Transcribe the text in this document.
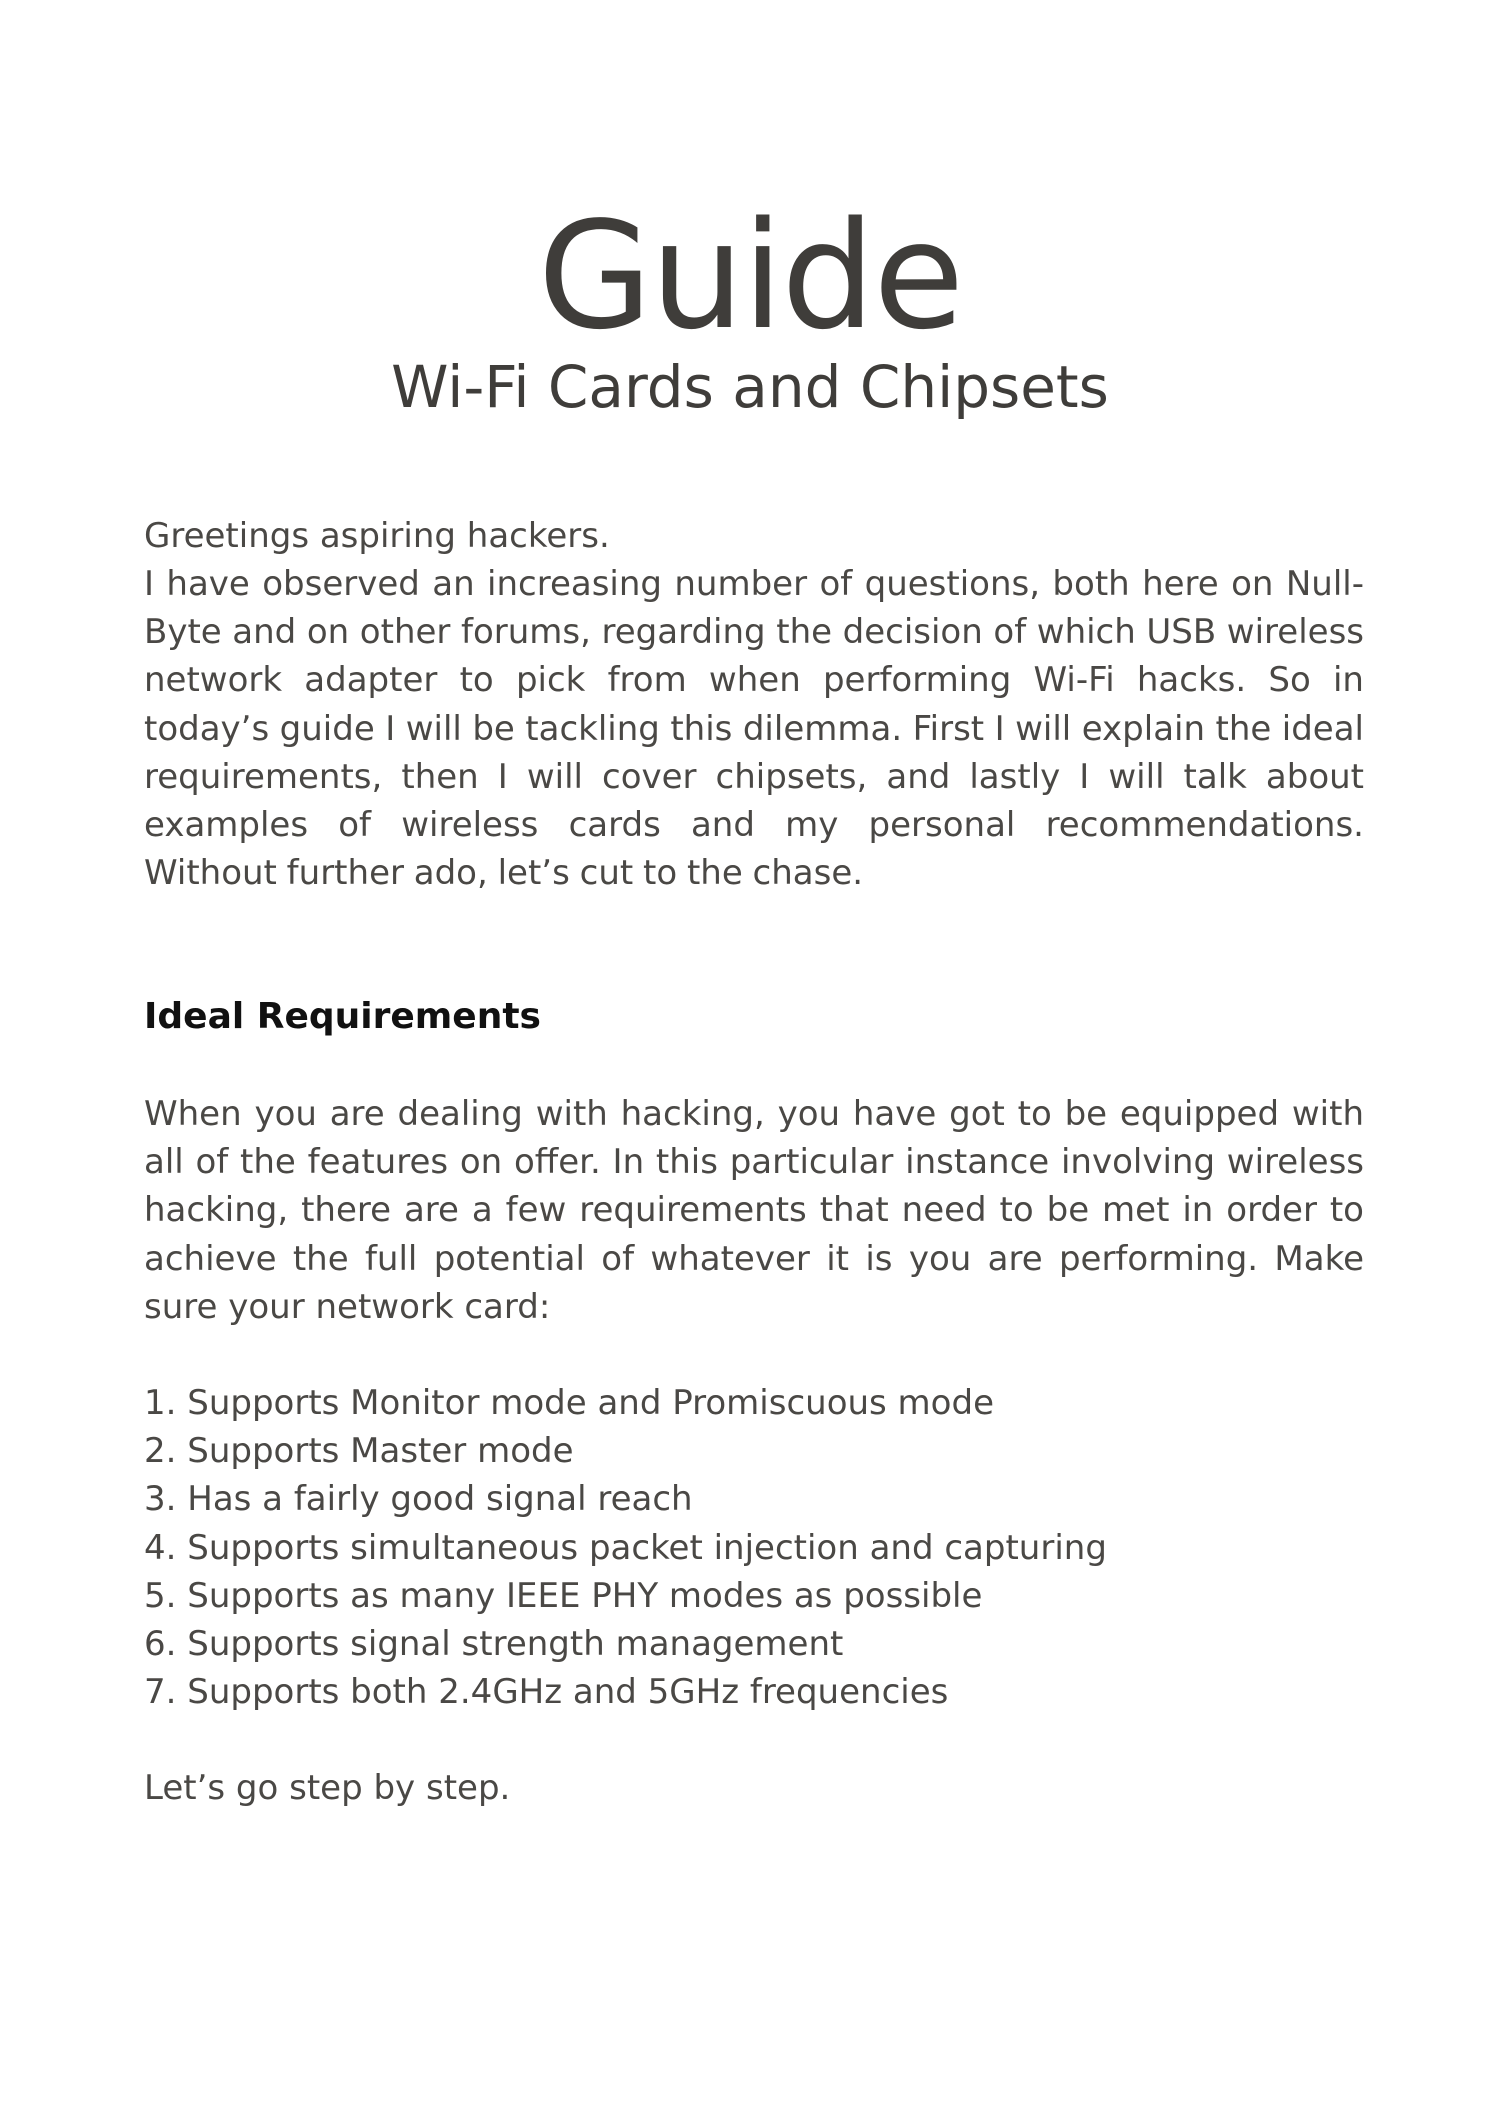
Guide
Wi-Fi Cards and Chipsets
Greetings aspiring hackers.
I have observed an increasing number of questions, both here on Null-Byte and on other forums, regarding the decision of which USB wireless network adapter to pick from when performing Wi-Fi hacks. So in today’s guide I will be tackling this dilemma. First I will explain the ideal requirements, then I will cover chipsets, and lastly I will talk about examples of wireless cards and my personal recommendations. Without further ado, let’s cut to the chase.
Ideal Requirements
When you are dealing with hacking, you have got to be equipped with all of the features on offer. In this particular instance involving wireless hacking, there are a few requirements that need to be met in order to achieve the full potential of whatever it is you are performing. Make sure your network card:
1. Supports Monitor mode and Promiscuous mode
2. Supports Master mode
3. Has a fairly good signal reach
4. Supports simultaneous packet injection and capturing
5. Supports as many IEEE PHY modes as possible
6. Supports signal strength management
7. Supports both 2.4GHz and 5GHz frequencies
Let’s go step by step.
